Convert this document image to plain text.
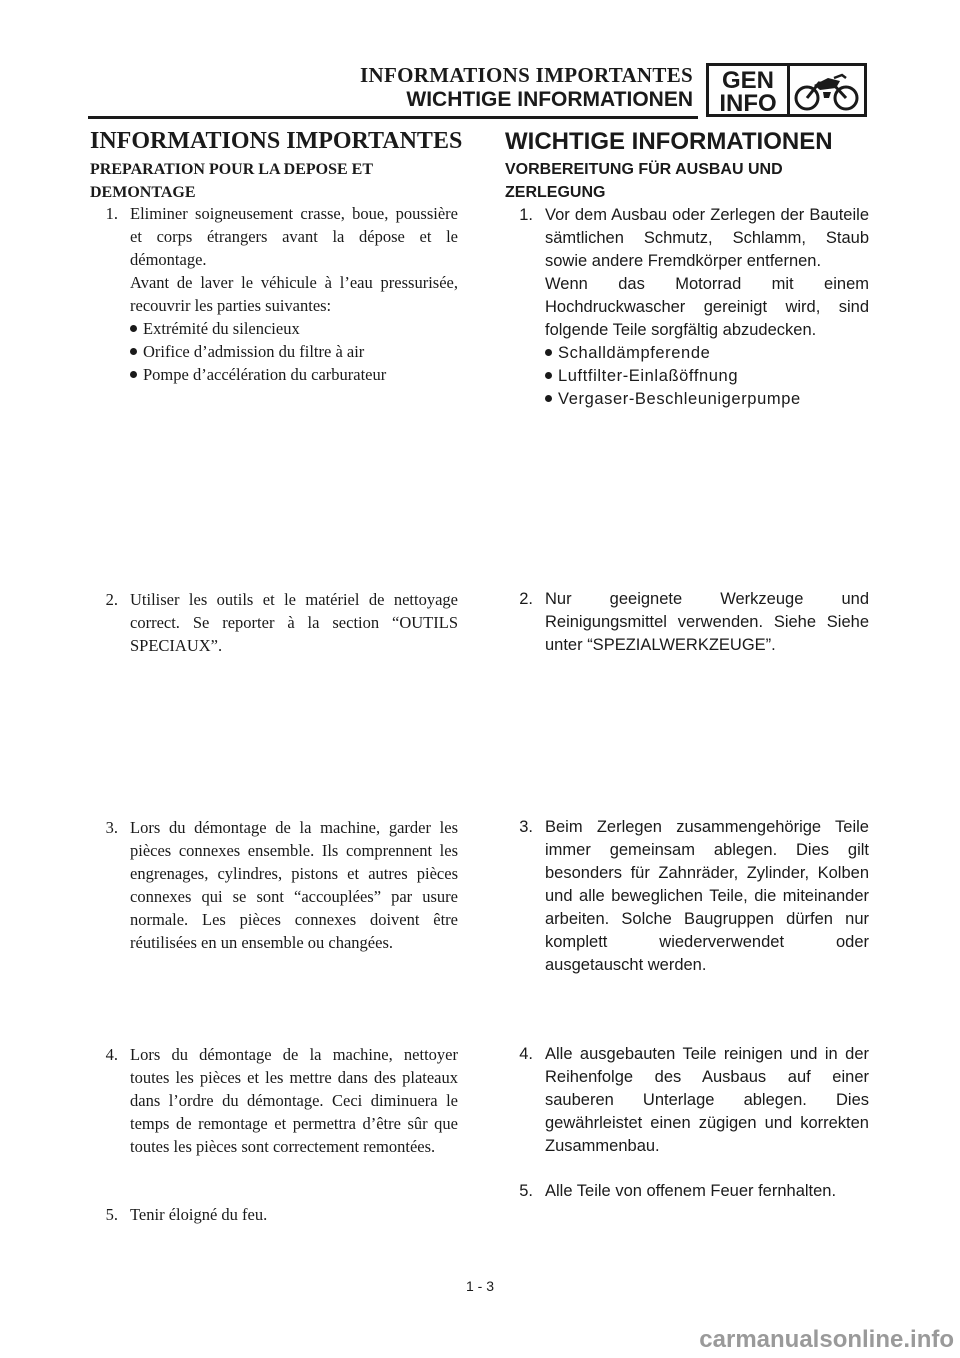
INFORMATIONS IMPORTANTES
WICHTIGE INFORMATIONEN
GEN
INFO
INFORMATIONS IMPORTANTES
PREPARATION POUR LA DEPOSE ET DEMONTAGE
1. Eliminer soigneusement crasse, boue, poussière et corps étrangers avant la dépose et le démontage.

Avant de laver le véhicule à l’eau pressurisée, recouvrir les parties suivantes:

Extrémité du silencieux
Orifice d’admission du filtre à air
Pompe d’accélération du carburateur
2. Utiliser les outils et le matériel de nettoyage correct. Se reporter à la section “OUTILS SPECIAUX”.

3. Lors du démontage de la machine, garder les pièces connexes ensemble. Ils comprennent les engrenages, cylindres, pistons et autres pièces connexes qui se sont “accouplées” par usure normale. Les pièces connexes doivent être réutilisées en un ensemble ou changées.

4. Lors du démontage de la machine, nettoyer toutes les pièces et les mettre dans des plateaux dans l’ordre du démontage. Ceci diminuera le temps de remontage et permettra d’être sûr que toutes les pièces sont correctement remontées.

5. Tenir éloigné du feu.

WICHTIGE INFORMATIONEN
VORBEREITUNG FÜR AUSBAU UND ZERLEGUNG
1. Vor dem Ausbau oder Zerlegen der Bauteile sämtlichen Schmutz, Schlamm, Staub sowie andere Fremdkörper entfernen.

Wenn das Motorrad mit einem Hochdruckwascher gereinigt wird, sind folgende Teile sorgfältig abzudecken.

Schalldämpferende
Luftfilter-Einlaßöffnung
Vergaser-Beschleunigerpumpe
2. Nur geeignete Werkzeuge und Reinigungsmittel verwenden. Siehe Siehe unter “SPEZIALWERKZEUGE”.

3. Beim Zerlegen zusammengehörige Teile immer gemeinsam ablegen. Dies gilt besonders für Zahnräder, Zylinder, Kolben und alle beweglichen Teile, die miteinander arbeiten. Solche Baugruppen dürfen nur komplett wiederverwendet oder ausgetauscht werden.

4. Alle ausgebauten Teile reinigen und in der Reihenfolge des Ausbaus auf einer sauberen Unterlage ablegen. Dies gewährleistet einen zügigen und korrekten Zusammenbau.

5. Alle Teile von offenem Feuer fernhalten.

1 - 3
carmanualsonline.info
